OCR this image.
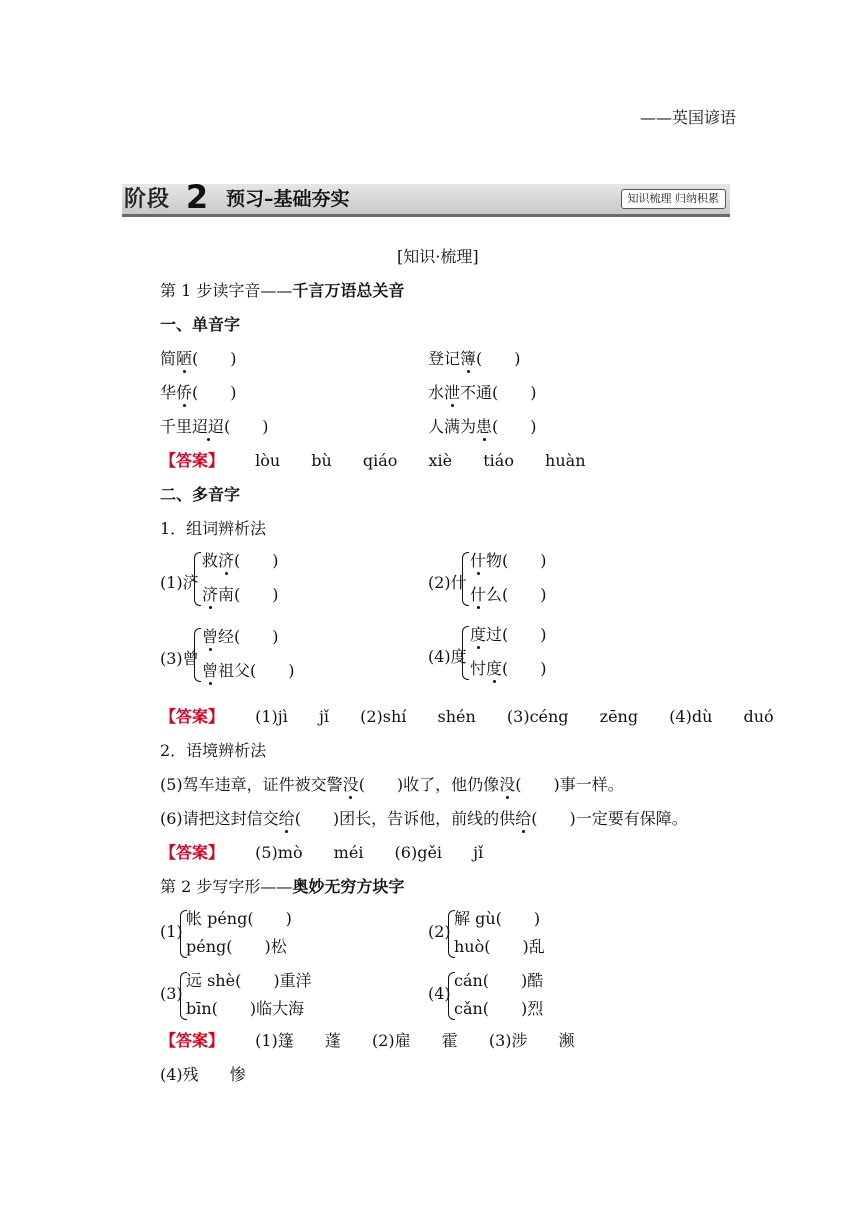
——英国谚语
阶段 2 预习–基础夯实	知识梳理 归纳积累
[知识·梳理]
第 1 步读字音——千言万语总关音
一、单音字
简陋(　　)	登记簿(　　)
华侨(　　)	水泄不通(　　)
千里迢迢(　　)	人满为患(　　)
【答案】 lòu bù qiáo xiè tiáo huàn
二、多音字
1．组词辨析法
(1)济
救济(　　)
济南(　　)
(2)什
什物(　　)
什么(　　)
(3)曾
曾经(　　)
曾祖父(　　)
(4)度
度过(　　)
忖度(　　)
【答案】 (1)jì jǐ (2)shí shén (3)céng zēng (4)dù duó
2．语境辨析法
(5)驾车违章，证件被交警没(　　)收了，他仍像没(　　)事一样。
(6)请把这封信交给(　　)团长，告诉他，前线的供给(　　)一定要有保障。
【答案】 (5)mò méi (6)gěi jǐ
第 2 步写字形——奥妙无穷方块字
(1)
帐 péng(　　)
péng(　　)松
(2)
解 gù(　　)
huò(　　)乱
(3)
远 shè(　　)重洋
bīn(　　)临大海
(4)
cán(　　)酷
cǎn(　　)烈
【答案】 (1)篷 蓬 (2)雇 霍 (3)涉 濒
(4)残 惨
